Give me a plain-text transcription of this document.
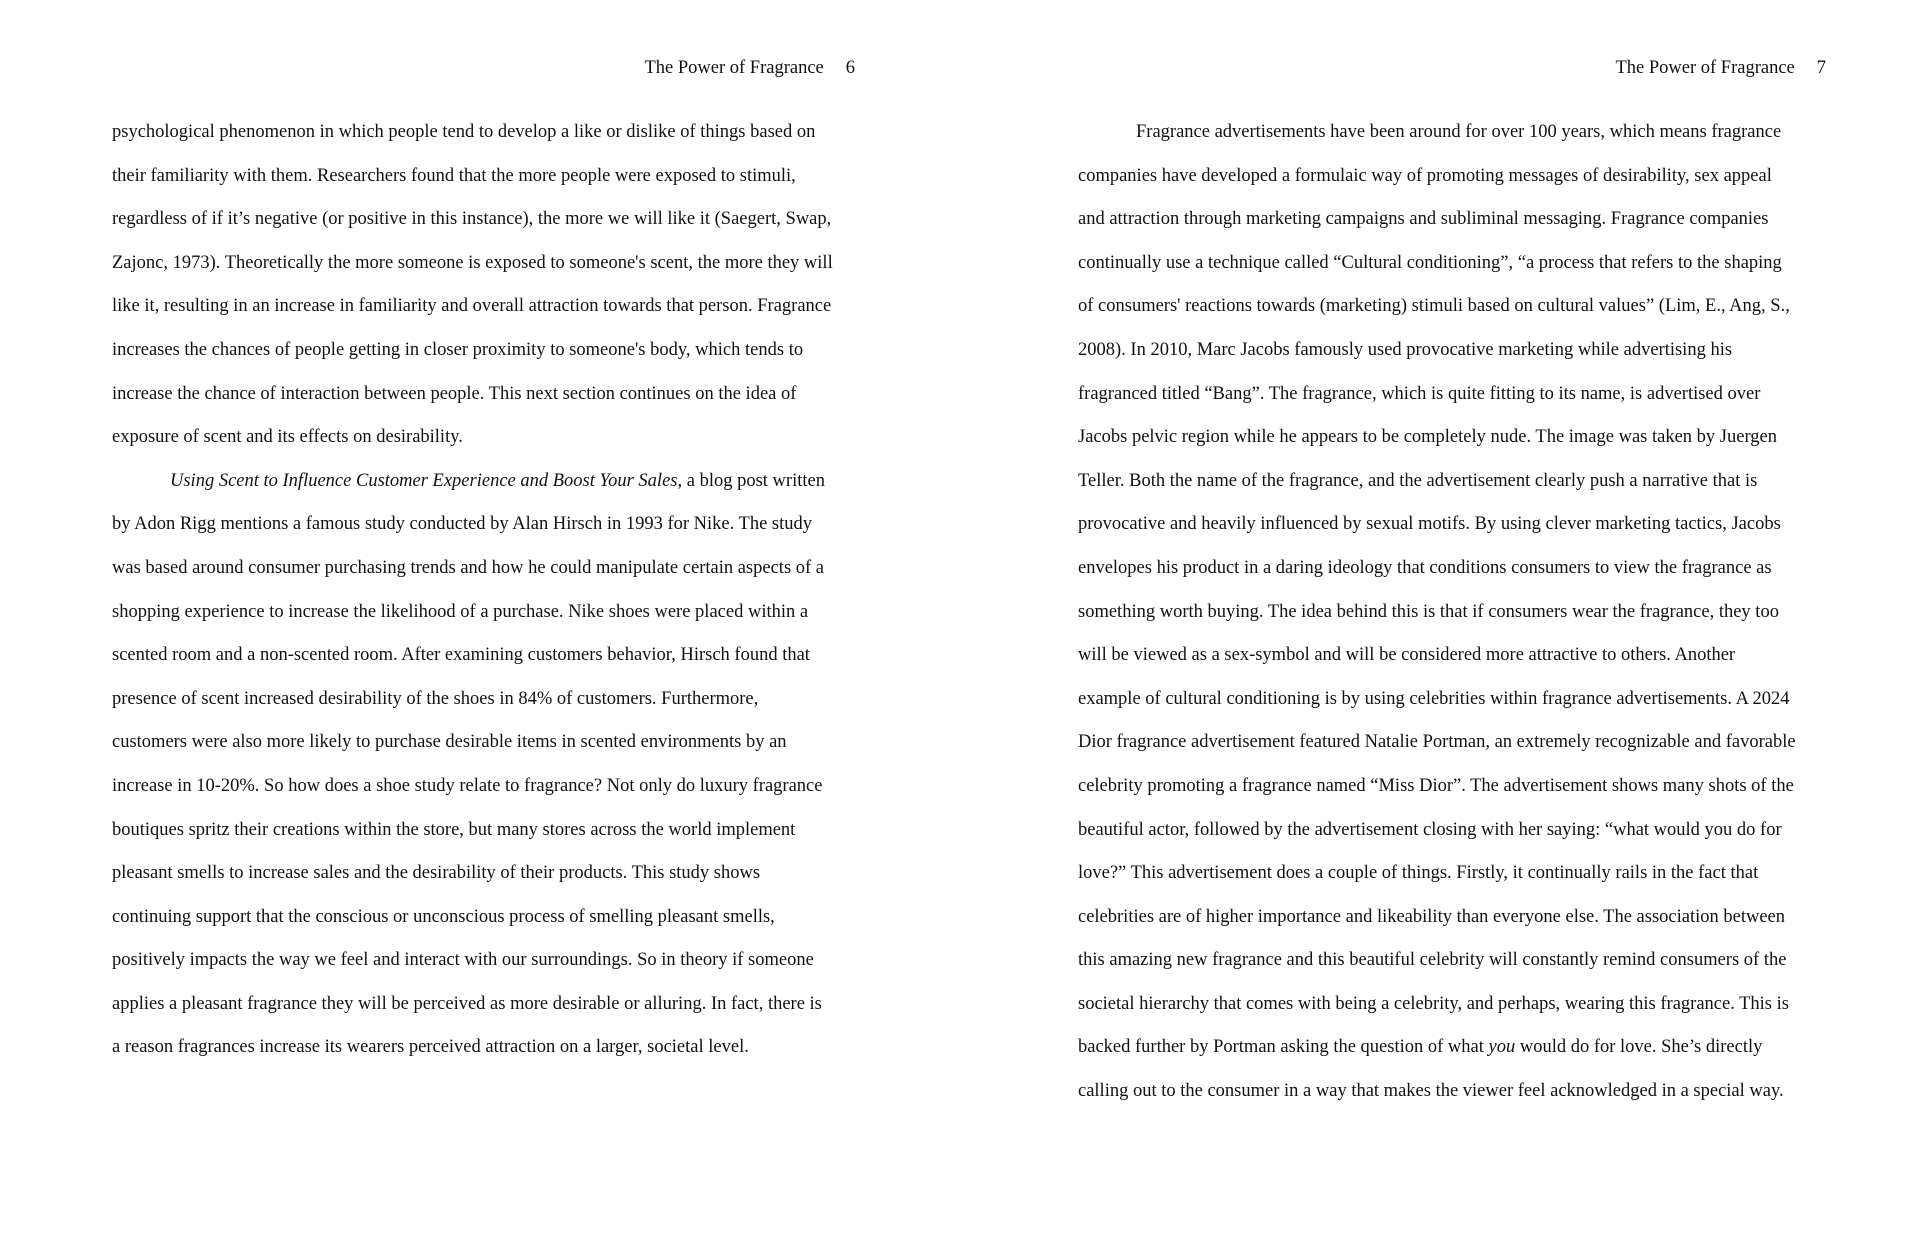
The Power of Fragrance 6
psychological phenomenon in which people tend to develop a like or dislike of things based on
their familiarity with them. Researchers found that the more people were exposed to stimuli,
regardless of if it’s negative (or positive in this instance), the more we will like it (Saegert, Swap,
Zajonc, 1973). Theoretically the more someone is exposed to someone's scent, the more they will
like it, resulting in an increase in familiarity and overall attraction towards that person. Fragrance
increases the chances of people getting in closer proximity to someone's body, which tends to
increase the chance of interaction between people. This next section continues on the idea of
exposure of scent and its effects on desirability.
Using Scent to Influence Customer Experience and Boost Your Sales, a blog post written
by Adon Rigg mentions a famous study conducted by Alan Hirsch in 1993 for Nike. The study
was based around consumer purchasing trends and how he could manipulate certain aspects of a
shopping experience to increase the likelihood of a purchase. Nike shoes were placed within a
scented room and a non-scented room. After examining customers behavior, Hirsch found that
presence of scent increased desirability of the shoes in 84% of customers. Furthermore,
customers were also more likely to purchase desirable items in scented environments by an
increase in 10-20%. So how does a shoe study relate to fragrance? Not only do luxury fragrance
boutiques spritz their creations within the store, but many stores across the world implement
pleasant smells to increase sales and the desirability of their products. This study shows
continuing support that the conscious or unconscious process of smelling pleasant smells,
positively impacts the way we feel and interact with our surroundings. So in theory if someone
applies a pleasant fragrance they will be perceived as more desirable or alluring. In fact, there is
a reason fragrances increase its wearers perceived attraction on a larger, societal level.
The Power of Fragrance 7
Fragrance advertisements have been around for over 100 years, which means fragrance
companies have developed a formulaic way of promoting messages of desirability, sex appeal
and attraction through marketing campaigns and subliminal messaging. Fragrance companies
continually use a technique called “Cultural conditioning”, “a process that refers to the shaping
of consumers' reactions towards (marketing) stimuli based on cultural values” (Lim, E., Ang, S.,
2008). In 2010, Marc Jacobs famously used provocative marketing while advertising his
fragranced titled “Bang”. The fragrance, which is quite fitting to its name, is advertised over
Jacobs pelvic region while he appears to be completely nude. The image was taken by Juergen
Teller. Both the name of the fragrance, and the advertisement clearly push a narrative that is
provocative and heavily influenced by sexual motifs. By using clever marketing tactics, Jacobs
envelopes his product in a daring ideology that conditions consumers to view the fragrance as
something worth buying. The idea behind this is that if consumers wear the fragrance, they too
will be viewed as a sex-symbol and will be considered more attractive to others. Another
example of cultural conditioning is by using celebrities within fragrance advertisements. A 2024
Dior fragrance advertisement featured Natalie Portman, an extremely recognizable and favorable
celebrity promoting a fragrance named “Miss Dior”. The advertisement shows many shots of the
beautiful actor, followed by the advertisement closing with her saying: “what would you do for
love?” This advertisement does a couple of things. Firstly, it continually rails in the fact that
celebrities are of higher importance and likeability than everyone else. The association between
this amazing new fragrance and this beautiful celebrity will constantly remind consumers of the
societal hierarchy that comes with being a celebrity, and perhaps, wearing this fragrance. This is
backed further by Portman asking the question of what you would do for love. She’s directly
calling out to the consumer in a way that makes the viewer feel acknowledged in a special way.
